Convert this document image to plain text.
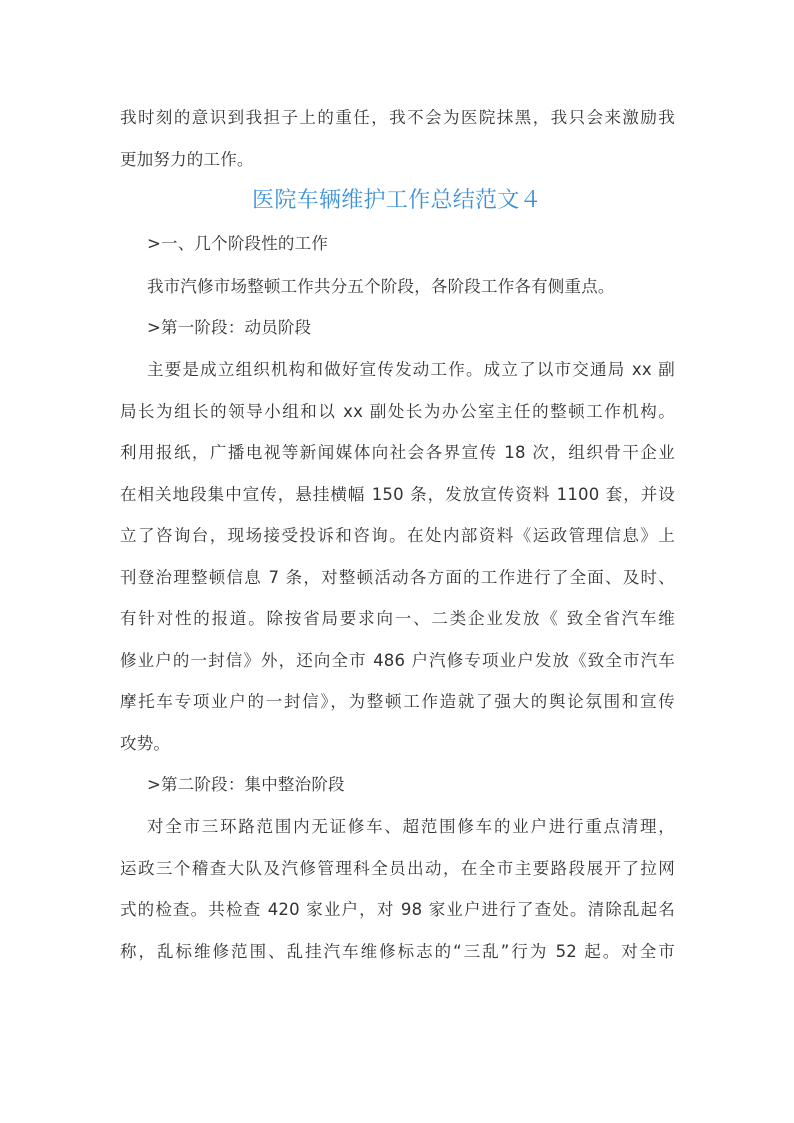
我时刻的意识到我担子上的重任，我不会为医院抹黑，我只会来激励我
更加努力的工作。
医院车辆维护工作总结范文４
>一、几个阶段性的工作
我市汽修市场整顿工作共分五个阶段，各阶段工作各有侧重点。
>第一阶段：动员阶段
主要是成立组织机构和做好宣传发动工作。成立了以市交通局 xx 副
局长为组长的领导小组和以 xx 副处长为办公室主任的整顿工作机构。
利用报纸，广播电视等新闻媒体向社会各界宣传 18 次，组织骨干企业
在相关地段集中宣传，悬挂横幅 150 条，发放宣传资料 1100 套，并设
立了咨询台，现场接受投诉和咨询。在处内部资料《运政管理信息》上
刊登治理整顿信息 7 条，对整顿活动各方面的工作进行了全面、及时、
有针对性的报道。除按省局要求向一、二类企业发放《 致全省汽车维
修业户的一封信》外，还向全市 486 户汽修专项业户发放《致全市汽车
摩托车专项业户的一封信》，为整顿工作造就了强大的舆论氛围和宣传
攻势。
>第二阶段：集中整治阶段
对全市三环路范围内无证修车、超范围修车的业户进行重点清理，
运政三个稽查大队及汽修管理科全员出动，在全市主要路段展开了拉网
式的检查。共检查 420 家业户，对 98 家业户进行了查处。清除乱起名
称，乱标维修范围、乱挂汽车维修标志的“三乱”行为 52 起。对全市
